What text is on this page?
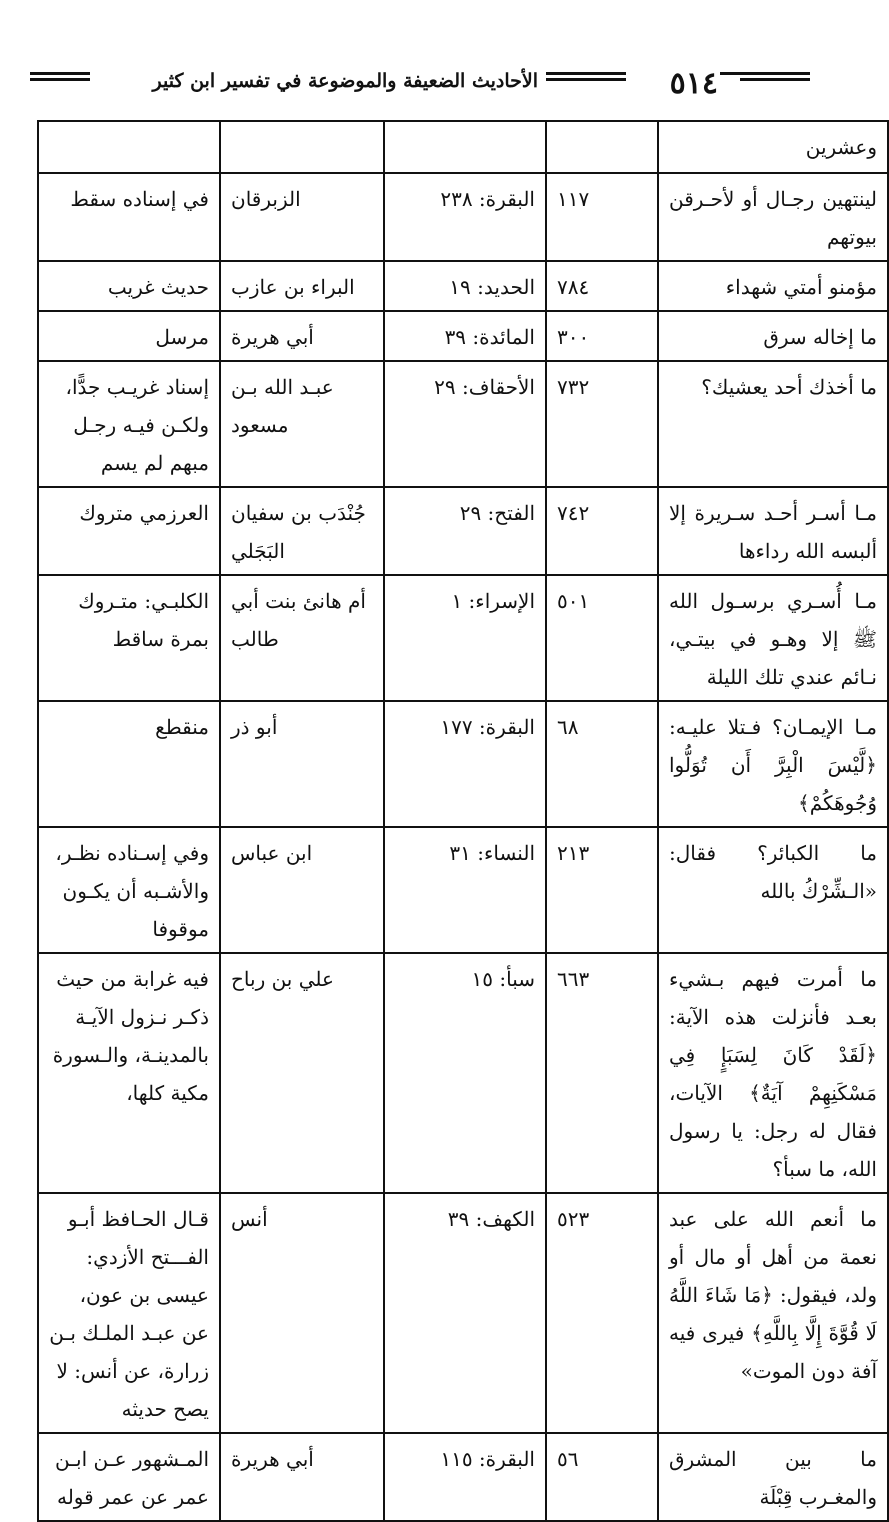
٥١٤
الأحاديث الضعيفة والموضوعة في تفسير ابن كثير
وعشرين				
لينتهين رجـال أو لأحـرقن بيوتهم	١١٧	البقرة: ٢٣٨	الزبرقان	في إسناده سقط
مؤمنو أمتي شهداء	٧٨٤	الحديد: ١٩	البراء بن عازب	حديث غريب
ما إخاله سرق	٣٠٠	المائدة: ٣٩	أبي هريرة	مرسل
ما أخذك أحد يعشيك؟	٧٣٢	الأحقاف: ٢٩	عبـد الله بـن مسعود	إسناد غريـب جدًّا، ولكـن فيـه رجـل مبهم لم يسم
مـا أسـر أحـد سـريرة إلا ألبسه الله رداءها	٧٤٢	الفتح: ٢٩	جُنْدَب بن سفيان البَجَلي	العرزمي متروك
مـا أُسـري برسـول الله ﷺ إلا وهـو في بيتـي، نـائم عندي تلك الليلة	٥٠١	الإسراء: ١	أم هانئ بنت أبي طالب	الكلبـي: متـروك بمرة ساقط
مـا الإيمـان؟ فـتلا عليـه: ﴿لَّيْسَ الْبِرَّ أَن تُوَلُّوا وُجُوهَكُمْ﴾	٦٨	البقرة: ١٧٧	أبو ذر	منقطع
ما الكبائر؟ فقال: «الـشِّرْكُ بالله	٢١٣	النساء: ٣١	ابن عباس	وفي إسـناده نظـر، والأشـبه أن يكـون موقوفا
ما أمرت فيهم بـشيء بعـد فأنزلت هذه الآية: ﴿لَقَدْ كَانَ لِسَبَإٍ فِي مَسْكَنِهِمْ آيَةٌ﴾ الآيات، فقال له رجل: يا رسول الله، ما سبأ؟	٦٦٣	سبأ: ١٥	علي بن رباح	فيه غرابة من حيث ذكـر نـزول الآيـة بالمدينـة، والـسورة مكية كلها،
ما أنعم الله على عبد نعمة من أهل أو مال أو ولد، فيقول: ﴿مَا شَاءَ اللَّهُ لَا قُوَّةَ إِلَّا بِاللَّهِ﴾ فيرى فيه آفة دون الموت»	٥٢٣	الكهف: ٣٩	أنس	قـال الحـافظ أبـو الفـــتح الأزدي: عيسى بن عون، عن عبـد الملـك بـن زرارة، عن أنس: لا يصح حديثه
ما بين المشرق والمغـرب قِبْلَة	٥٦	البقرة: ١١٥	أبي هريرة	المـشهور عـن ابـن عمر عن عمر قوله
